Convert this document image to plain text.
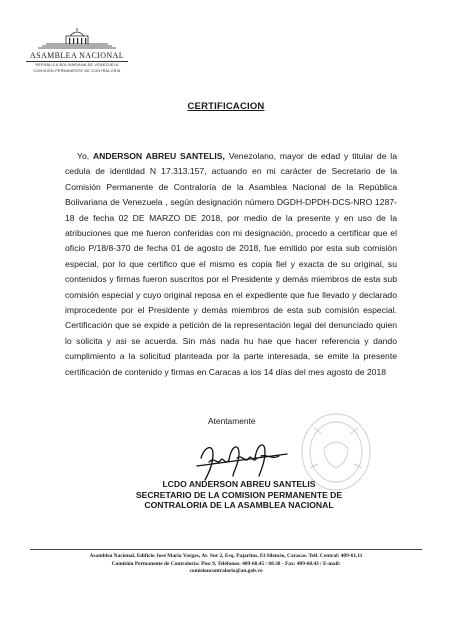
ASAMBLEA NACIONAL
REPÚBLICA BOLIVARIANA DE VENEZUELA
COMISIÓN PERMANENTE DE CONTRALORÍA
CERTIFICACION

Yo, ANDERSON ABREU SANTELIS, Venezolano, mayor de edad y titular de la cedula de identidad N 17.313.157, actuando en mi carácter de Secretario de la Comisión Permanente de Contraloría de la Asamblea Nacional de la República Bolivariana de Venezuela , según designación número DGDH-DPDH-DCS-NRO 1287-18 de fecha 02 DE MARZO DE 2018, por medio de la presente y en uso de la atribuciones que me fueron conferidas con mi designación, procedo a certificar que el oficio P/18/8-370 de fecha 01 de agosto de 2018, fue emitido por esta sub comisión especial, por lo que certifico que el mismo es copia fiel y exacta de su original, su contenidos y firmas fueron suscritos por el Presidente y demás miembros de esta sub comisión especial y cuyo original reposa en el expediente que fue llevado y declarado improcedente por el Presidente y demás miembros de esta sub comisión especial. Certificación que se expide a petición de la representación legal del denunciado quien lo solicita y asi se acuerda. Sin más nada hu hae que hacer referencia y dando cumplimiento a la solicitud planteada por la parte interesada, se emite la presente certificación de contenido y firmas en Caracas a los 14 días del mes agosto de 2018

Atentamente
LCDO ANDERSON ABREU SANTELIS
SECRETARIO DE LA COMISION PERMANENTE DE
CONTRALORIA DE LA ASAMBLEA NACIONAL
Asamblea Nacional, Edificio José María Vargas, Av. Sur 2, Esq. Pajaritos, El Silencio, Caracas. Telf. Central: 409-61.11
Comisión Permanente de Contraloría: Piso 9, Teléfonos: 409-68.45 / 68.38 - Fax: 409-68.43 / E-mail:
comisioncontraloria@an.gob.ve
